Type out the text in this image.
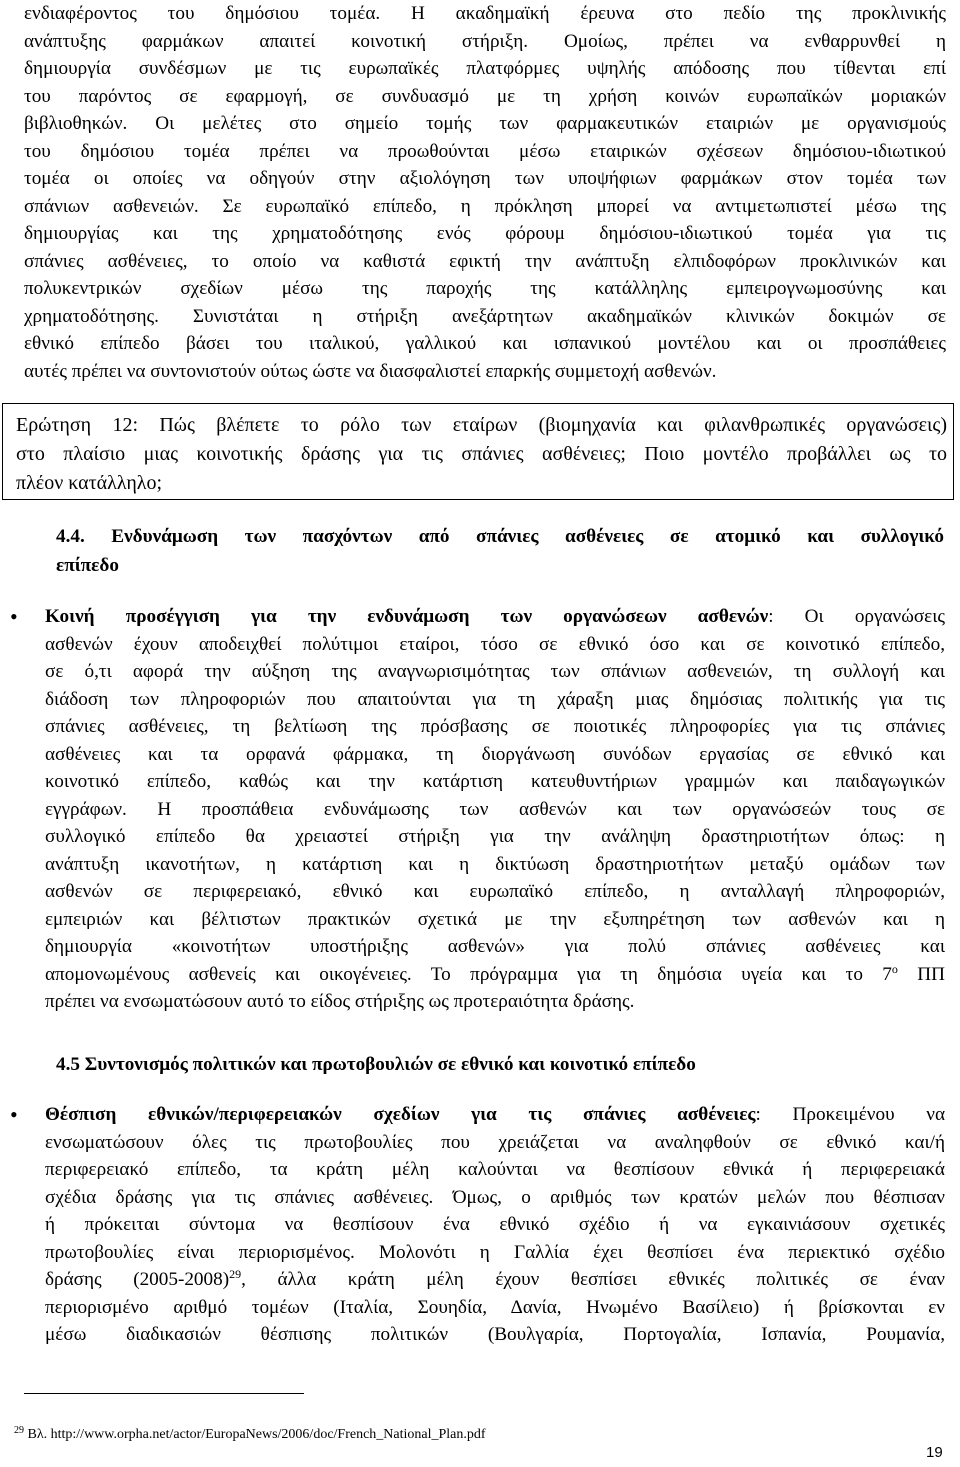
ενδιαφέροντος του δημόσιου τομέα. Η ακαδημαϊκή έρευνα στο πεδίο της προκλινικής
ανάπτυξης φαρμάκων απαιτεί κοινοτική στήριξη. Ομοίως, πρέπει να ενθαρρυνθεί η
δημιουργία συνδέσμων με τις ευρωπαϊκές πλατφόρμες υψηλής απόδοσης που τίθενται επί
του παρόντος σε εφαρμογή, σε συνδυασμό με τη χρήση κοινών ευρωπαϊκών μοριακών
βιβλιοθηκών. Οι μελέτες στο σημείο τομής των φαρμακευτικών εταιριών με οργανισμούς
του δημόσιου τομέα πρέπει να προωθούνται μέσω εταιρικών σχέσεων δημόσιου-ιδιωτικού
τομέα οι οποίες να οδηγούν στην αξιολόγηση των υποψήφιων φαρμάκων στον τομέα των
σπάνιων ασθενειών. Σε ευρωπαϊκό επίπεδο, η πρόκληση μπορεί να αντιμετωπιστεί μέσω της
δημιουργίας και της χρηματοδότησης ενός φόρουμ δημόσιου-ιδιωτικού τομέα για τις
σπάνιες ασθένειες, το οποίο να καθιστά εφικτή την ανάπτυξη ελπιδοφόρων προκλινικών και
πολυκεντρικών σχεδίων μέσω της παροχής της κατάλληλης εμπειρογνωμοσύνης και
χρηματοδότησης. Συνιστάται η στήριξη ανεξάρτητων ακαδημαϊκών κλινικών δοκιμών σε
εθνικό επίπεδο βάσει του ιταλικού, γαλλικού και ισπανικού μοντέλου και οι προσπάθειες
αυτές πρέπει να συντονιστούν ούτως ώστε να διασφαλιστεί επαρκής συμμετοχή ασθενών.
Ερώτηση 12: Πώς βλέπετε το ρόλο των εταίρων (βιομηχανία και φιλανθρωπικές οργανώσεις)
στο πλαίσιο μιας κοινοτικής δράσης για τις σπάνιες ασθένειες; Ποιο μοντέλο προβάλλει ως το
πλέον κατάλληλο;
4.4. Ενδυνάμωση των πασχόντων από σπάνιες ασθένειες σε ατομικό και συλλογικό
επίπεδο
• Κοινή προσέγγιση για την ενδυνάμωση των οργανώσεων ασθενών: Οι οργανώσεις
ασθενών έχουν αποδειχθεί πολύτιμοι εταίροι, τόσο σε εθνικό όσο και σε κοινοτικό επίπεδο,
σε ό,τι αφορά την αύξηση της αναγνωρισιμότητας των σπάνιων ασθενειών, τη συλλογή και
διάδοση των πληροφοριών που απαιτούνται για τη χάραξη μιας δημόσιας πολιτικής για τις
σπάνιες ασθένειες, τη βελτίωση της πρόσβασης σε ποιοτικές πληροφορίες για τις σπάνιες
ασθένειες και τα ορφανά φάρμακα, τη διοργάνωση συνόδων εργασίας σε εθνικό και
κοινοτικό επίπεδο, καθώς και την κατάρτιση κατευθυντήριων γραμμών και παιδαγωγικών
εγγράφων. Η προσπάθεια ενδυνάμωσης των ασθενών και των οργανώσεών τους σε
συλλογικό επίπεδο θα χρειαστεί στήριξη για την ανάληψη δραστηριοτήτων όπως: η
ανάπτυξη ικανοτήτων, η κατάρτιση και η δικτύωση δραστηριοτήτων μεταξύ ομάδων των
ασθενών σε περιφερειακό, εθνικό και ευρωπαϊκό επίπεδο, η ανταλλαγή πληροφοριών,
εμπειριών και βέλτιστων πρακτικών σχετικά με την εξυπηρέτηση των ασθενών και η
δημιουργία «κοινοτήτων υποστήριξης ασθενών» για πολύ σπάνιες ασθένειες και
απομονωμένους ασθενείς και οικογένειες. Το πρόγραμμα για τη δημόσια υγεία και το $7^o$ ΠΠ
πρέπει να ενσωματώσουν αυτό το είδος στήριξης ως προτεραιότητα δράσης.
4.5 Συντονισμός πολιτικών και πρωτοβουλιών σε εθνικό και κοινοτικό επίπεδο
• Θέσπιση εθνικών/περιφερειακών σχεδίων για τις σπάνιες ασθένειες: Προκειμένου να
ενσωματώσουν όλες τις πρωτοβουλίες που χρειάζεται να αναληφθούν σε εθνικό και/ή
περιφερειακό επίπεδο, τα κράτη μέλη καλούνται να θεσπίσουν εθνικά ή περιφερειακά
σχέδια δράσης για τις σπάνιες ασθένειες. Όμως, ο αριθμός των κρατών μελών που θέσπισαν
ή πρόκειται σύντομα να θεσπίσουν ένα εθνικό σχέδιο ή να εγκαινιάσουν σχετικές
πρωτοβουλίες είναι περιορισμένος. Μολονότι η Γαλλία έχει θεσπίσει ένα περιεκτικό σχέδιο
δράσης (2005-2008)$^{29}$, άλλα κράτη μέλη έχουν θεσπίσει εθνικές πολιτικές σε έναν
περιορισμένο αριθμό τομέων (Ιταλία, Σουηδία, Δανία, Ηνωμένο Βασίλειο) ή βρίσκονται εν
μέσω διαδικασιών θέσπισης πολιτικών (Βουλγαρία, Πορτογαλία, Ισπανία, Ρουμανία,
$^{29}$ Βλ. http://www.orpha.net/actor/EuropaNews/2006/doc/French_National_Plan.pdf
19
